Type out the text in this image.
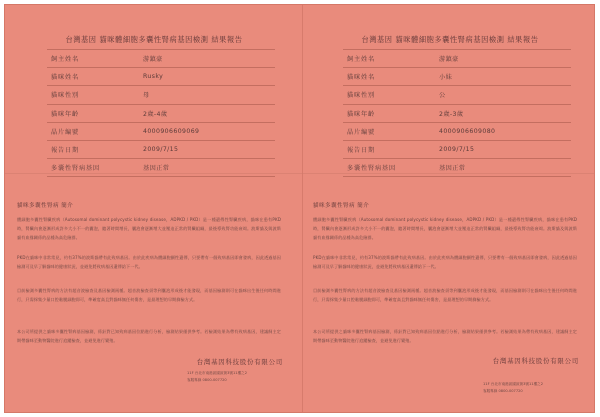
台灣基因 貓咪體細胞多囊性腎病基因檢測 結果報告
飼主姓名	游鎮豪
貓咪姓名	Rusky
貓咪性別	母
貓咪年齡	2歲-4歲
晶片編號	4000906609069
報告日期	2009/7/15
多囊性腎病基因	基因正常
貓咪多囊性腎病 簡介
體細胞多囊性腎臟疾病（Autosomal dominant polycystic kidney disease，ADPKD / PKD）是一種遺傳性腎臟疾病，貓咪在患有PKD時，腎臟內會逐漸形成許多大小不一的囊泡，隨著時間增長，囊泡會逐漸增大並壓迫正常的腎臟組織，最後導致腎功能衰竭。波斯貓及與波斯貓有血緣關係的品種為高危險群。
PKD在貓咪中非常常見，約有37%的波斯貓帶有此致病基因。由於此疾病為體細胞顯性遺傳，只要帶有一個致病基因即會發病，因此透過基因檢測可及早了解貓咪的健康狀況，並避免將致病基因遺傳給下一代。
目前檢測多囊性腎病的方法有超音波檢查及基因檢測兩種。超音波檢查須等到囊泡形成後才能發現，而基因檢測則可在貓咪出生後任何時間進行，只需採集少量口腔黏膜細胞即可，準確度高且對貓咪無任何傷害，是最理想的早期篩檢方式。
本公司所提供之貓咪多囊性腎病基因檢測，係針對已知致病基因位點進行分析，檢測結果僅供參考。若檢測結果為帶有致病基因，建議飼主定期帶貓咪至動物醫院進行追蹤檢查，並避免進行繁殖。
台灣基因科技股份有限公司
11F 台北市南港區園區街3號11樓之2
客服專線 0800-007720
台灣基因 貓咪體細胞多囊性腎病基因檢測 結果報告
飼主姓名	游鎮豪
貓咪姓名	小妹
貓咪性別	公
貓咪年齡	2歲-3歲
晶片編號	4000906609080
報告日期	2009/7/15
多囊性腎病基因	基因正常
貓咪多囊性腎病 簡介
體細胞多囊性腎臟疾病（Autosomal dominant polycystic kidney disease，ADPKD / PKD）是一種遺傳性腎臟疾病，貓咪在患有PKD時，腎臟內會逐漸形成許多大小不一的囊泡，隨著時間增長，囊泡會逐漸增大並壓迫正常的腎臟組織，最後導致腎功能衰竭。波斯貓及與波斯貓有血緣關係的品種為高危險群。
PKD在貓咪中非常常見，約有37%的波斯貓帶有此致病基因。由於此疾病為體細胞顯性遺傳，只要帶有一個致病基因即會發病，因此透過基因檢測可及早了解貓咪的健康狀況，並避免將致病基因遺傳給下一代。
目前檢測多囊性腎病的方法有超音波檢查及基因檢測兩種。超音波檢查須等到囊泡形成後才能發現，而基因檢測則可在貓咪出生後任何時間進行，只需採集少量口腔黏膜細胞即可，準確度高且對貓咪無任何傷害，是最理想的早期篩檢方式。
本公司所提供之貓咪多囊性腎病基因檢測，係針對已知致病基因位點進行分析，檢測結果僅供參考。若檢測結果為帶有致病基因，建議飼主定期帶貓咪至動物醫院進行追蹤檢查，並避免進行繁殖。
台灣基因科技股份有限公司
11F 台北市南港區園區街3號11樓之2
客服專線 0800-007720
